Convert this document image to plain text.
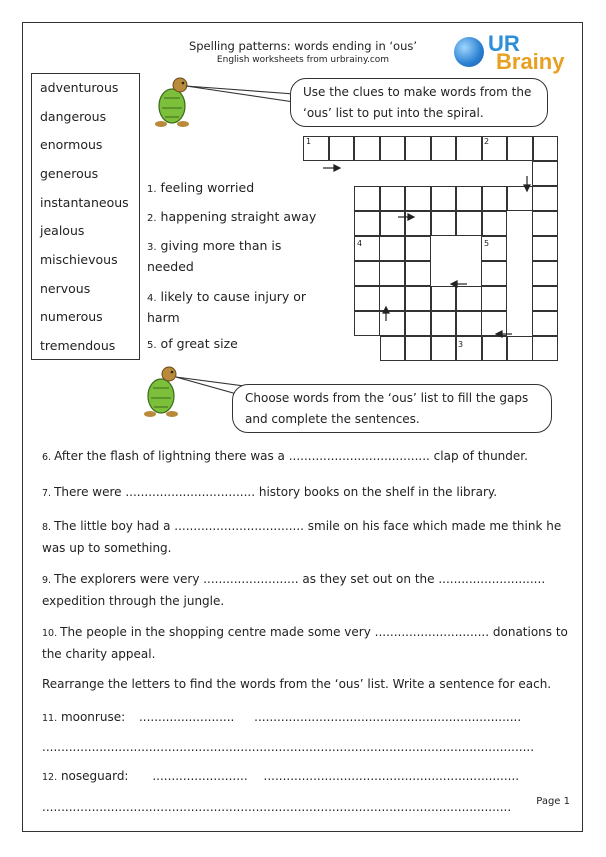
Spelling patterns: words ending in ‘ous’
English worksheets from urbrainy.com
UR
Brainy
adventurous
dangerous
enormous
generous
instantaneous
jealous
mischievous
nervous
numerous
tremendous
Use the clues to make words from the ‘ous’ list to put into the spiral.
1. feeling worried
2. happening straight away
3. giving more than is needed
4. likely to cause injury or harm
5. of great size
1	2
3
4	5
Choose words from the ‘ous’ list to fill the gaps and complete the sentences.
6. After the flash of lightning there was a ..................................... clap of thunder.
7. There were .................................. history books on the shelf in the library.
8. The little boy had a .................................. smile on his face which made me think he was up to something.
9. The explorers were very ......................... as they set out on the ............................ expedition through the jungle.
10. The people in the shopping centre made some very .............................. donations to the charity appeal.
Rearrange the letters to find the words from the ‘ous’ list. Write a sentence for each.
11. moonruse: ......................... ......................................................................
.................................................................................................................................
12. noseguard: ......................... ...................................................................
...........................................................................................................................	Page 1
